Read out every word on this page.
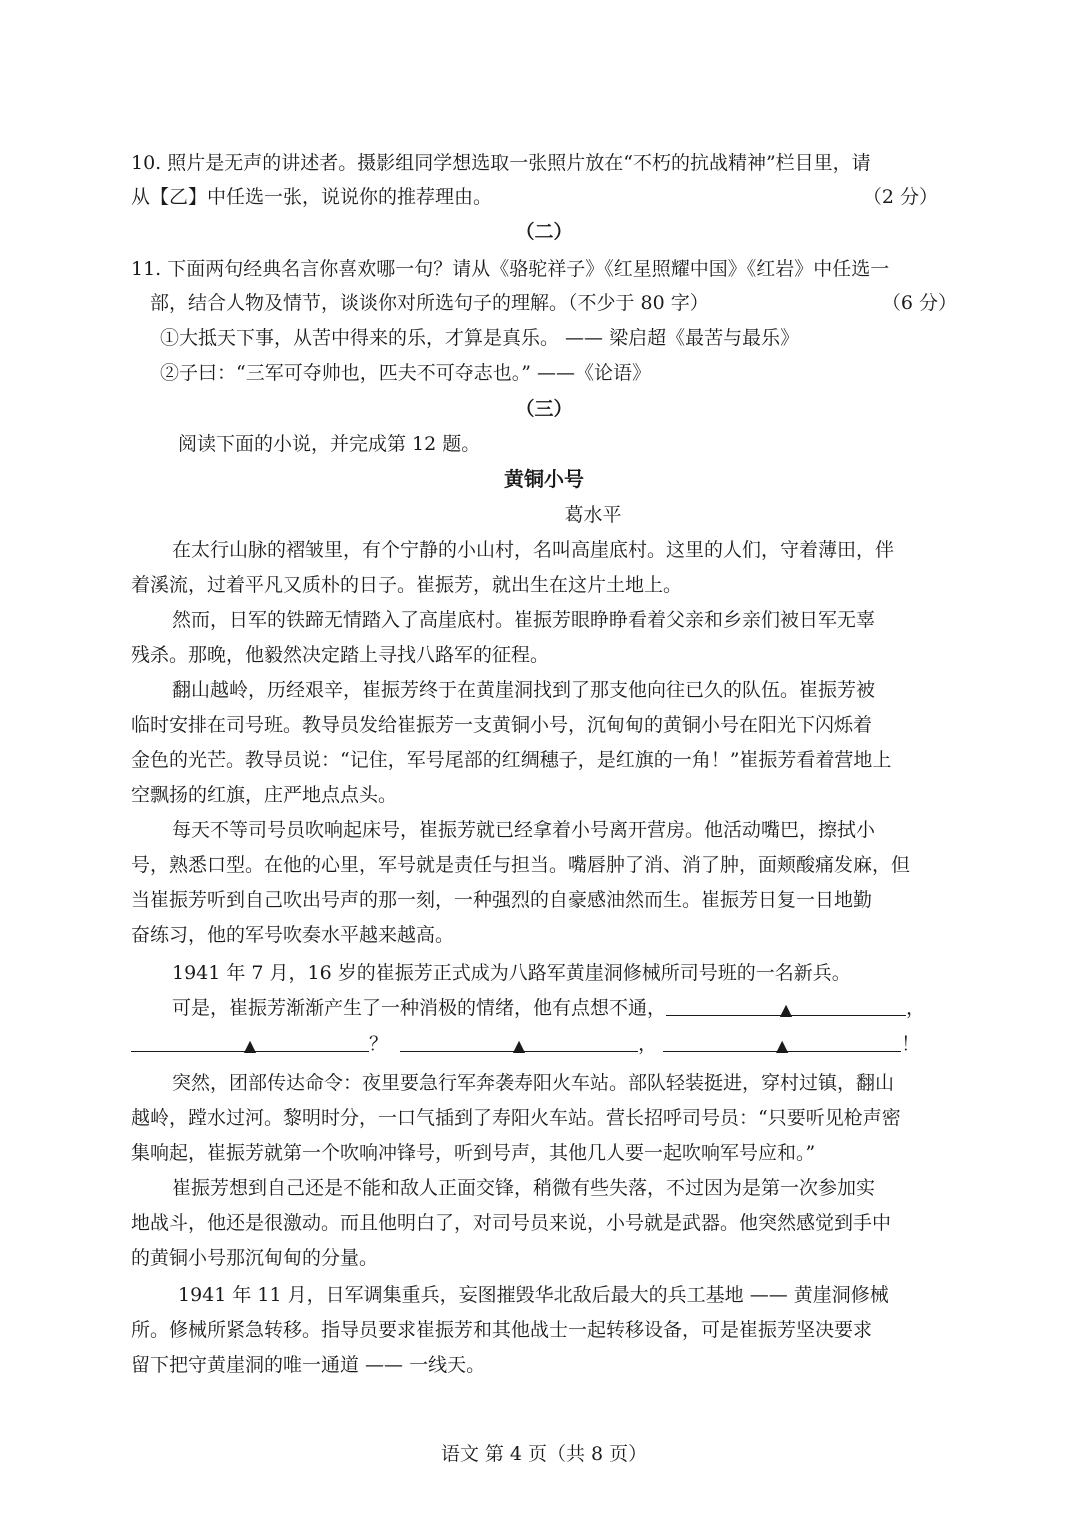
10. 照片是无声的讲述者。摄影组同学想选取一张照片放在“不朽的抗战精神”栏目里，请
从【乙】中任选一张，说说你的推荐理由。	（2 分）
（二）
11. 下面两句经典名言你喜欢哪一句？请从《骆驼祥子》《红星照耀中国》《红岩》中任选一
部，结合人物及情节，谈谈你对所选句子的理解。（不少于 80 字）	（6 分）
①大抵天下事，从苦中得来的乐，才算是真乐。 —— 梁启超《最苦与最乐》
②子曰：“三军可夺帅也，匹夫不可夺志也。” ——《论语》
（三）
阅读下面的小说，并完成第 12 题。
黄铜小号
葛水平
在太行山脉的褶皱里，有个宁静的小山村，名叫高崖底村。这里的人们，守着薄田，伴
着溪流，过着平凡又质朴的日子。崔振芳，就出生在这片土地上。
然而，日军的铁蹄无情踏入了高崖底村。崔振芳眼睁睁看着父亲和乡亲们被日军无辜
残杀。那晚，他毅然决定踏上寻找八路军的征程。
翻山越岭，历经艰辛，崔振芳终于在黄崖洞找到了那支他向往已久的队伍。崔振芳被
临时安排在司号班。教导员发给崔振芳一支黄铜小号，沉甸甸的黄铜小号在阳光下闪烁着
金色的光芒。教导员说：“记住，军号尾部的红绸穗子，是红旗的一角！”崔振芳看着营地上
空飘扬的红旗，庄严地点点头。
每天不等司号员吹响起床号，崔振芳就已经拿着小号离开营房。他活动嘴巴，擦拭小
号，熟悉口型。在他的心里，军号就是责任与担当。嘴唇肿了消、消了肿，面颊酸痛发麻，但
当崔振芳听到自己吹出号声的那一刻，一种强烈的自豪感油然而生。崔振芳日复一日地勤
奋练习，他的军号吹奏水平越来越高。
1941 年 7 月，16 岁的崔振芳正式成为八路军黄崖洞修械所司号班的一名新兵。
可是，崔振芳渐渐产生了一种消极的情绪，他有点想不通，	▲	，
▲	？	▲	，	▲	！
突然，团部传达命令：夜里要急行军奔袭寿阳火车站。部队轻装挺进，穿村过镇，翻山
越岭，蹚水过河。黎明时分，一口气插到了寿阳火车站。营长招呼司号员：“只要听见枪声密
集响起，崔振芳就第一个吹响冲锋号，听到号声，其他几人要一起吹响军号应和。”
崔振芳想到自己还是不能和敌人正面交锋，稍微有些失落，不过因为是第一次参加实
地战斗，他还是很激动。而且他明白了，对司号员来说，小号就是武器。他突然感觉到手中
的黄铜小号那沉甸甸的分量。
1941 年 11 月，日军调集重兵，妄图摧毁华北敌后最大的兵工基地 —— 黄崖洞修械
所。修械所紧急转移。指导员要求崔振芳和其他战士一起转移设备，可是崔振芳坚决要求
留下把守黄崖洞的唯一通道 —— 一线天。
语文 第 4 页（共 8 页）
